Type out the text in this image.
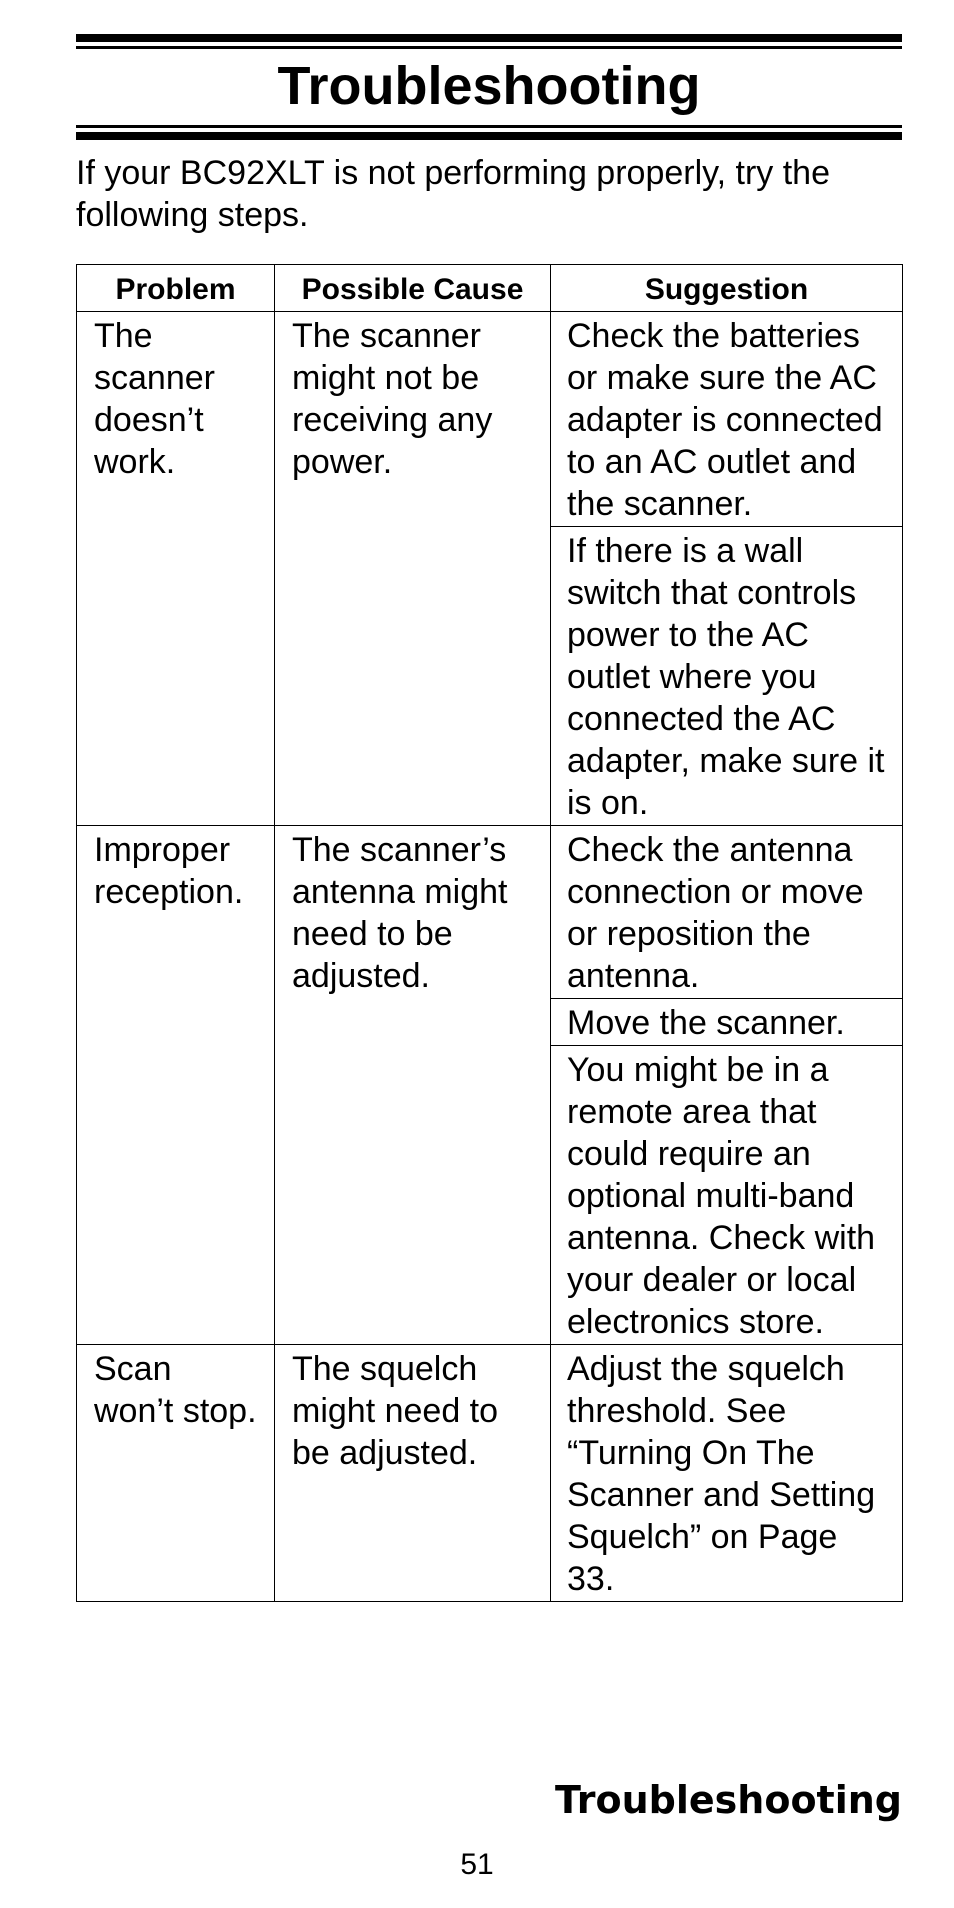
Troubleshooting
If your BC92XLT is not performing properly, try the following steps.
Problem	Possible Cause	Suggestion
The scanner doesn’t work.	The scanner might not be receiving any power.	Check the batteries or make sure the AC adapter is connected to an AC outlet and the scanner.
		If there is a wall switch that controls power to the AC outlet where you connected the AC adapter, make sure it is on.
Improper reception.	The scanner’s antenna might need to be adjusted.	Check the antenna connection or move or reposition the antenna.
		Move the scanner.
		You might be in a remote area that could require an optional multi-band antenna. Check with your dealer or local electronics store.
Scan won’t stop.	The squelch might need to be adjusted.	Adjust the squelch threshold. See “Turning On The Scanner and Setting Squelch” on Page 33.
Troubleshooting
51
